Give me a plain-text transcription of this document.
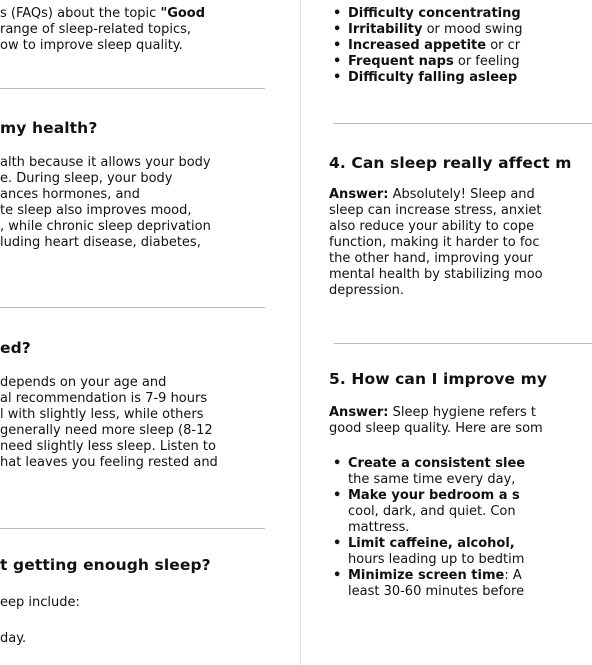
s (FAQs) about the topic "Good

range of sleep-related topics,

ow to improve sleep quality.

my health?

alth because it allows your body

e. During sleep, your body

ances hormones, and

te sleep also improves mood,

, while chronic sleep deprivation

luding heart disease, diabetes,

ed?

depends on your age and

al recommendation is 7-9 hours

l with slightly less, while others

generally need more sleep (8-12

need slightly less sleep. Listen to

hat leaves you feeling rested and

t getting enough sleep?

eep include:

day.

• Difficulty concentrating
• Irritability or mood swing
• Increased appetite or cr
• Frequent naps or feeling
• Difficulty falling asleep
4. Can sleep really affect m

Answer: Absolutely! Sleep and

sleep can increase stress, anxiet

also reduce your ability to cope

function, making it harder to foc

the other hand, improving your

mental health by stabilizing moo

depression.

5. How can I improve my

Answer: Sleep hygiene refers t

good sleep quality. Here are som

• Create a consistent slee
the same time every day,
• Make your bedroom a s
cool, dark, and quiet. Con
mattress.
• Limit caffeine, alcohol,
hours leading up to bedtim
• Minimize screen time: A
least 30-60 minutes before
